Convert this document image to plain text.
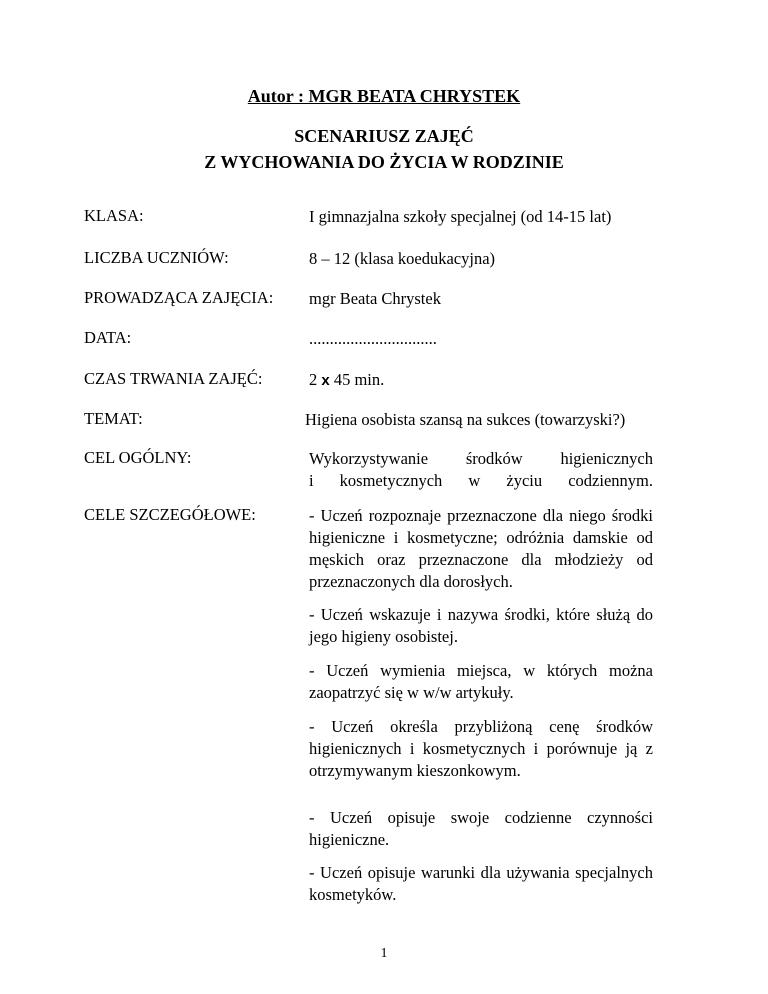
Autor : MGR BEATA CHRYSTEK
SCENARIUSZ ZAJĘĆ
Z WYCHOWANIA DO ŻYCIA W RODZINIE
KLASA:	I gimnazjalna szkoły specjalnej (od 14-15 lat)
LICZBA UCZNIÓW:	8 – 12 (klasa koedukacyjna)
PROWADZĄCA ZAJĘCIA: mgr Beata Chrystek
DATA:	...............................
CZAS TRWANIA ZAJĘĆ:	2 x 45 min.
TEMAT:	Higiena osobista szansą na sukces (towarzyski?)
CEL OGÓLNY:	Wykorzystywanie środków higienicznych
i kosmetycznych w życiu codziennym.
CELE SZCZEGÓŁOWE:	- Uczeń rozpoznaje przeznaczone dla niego środki higieniczne i kosmetyczne; odróżnia damskie od męskich oraz przeznaczone dla młodzieży od przeznaczonych dla dorosłych.
- Uczeń wskazuje i nazywa środki, które służą do jego higieny osobistej.
- Uczeń wymienia miejsca, w których można zaopatrzyć się w w/w artykuły.
- Uczeń określa przybliżoną cenę środków higienicznych i kosmetycznych i porównuje ją z otrzymywanym kieszonkowym.
- Uczeń opisuje swoje codzienne czynności higieniczne.
- Uczeń opisuje warunki dla używania specjalnych kosmetyków.
1
